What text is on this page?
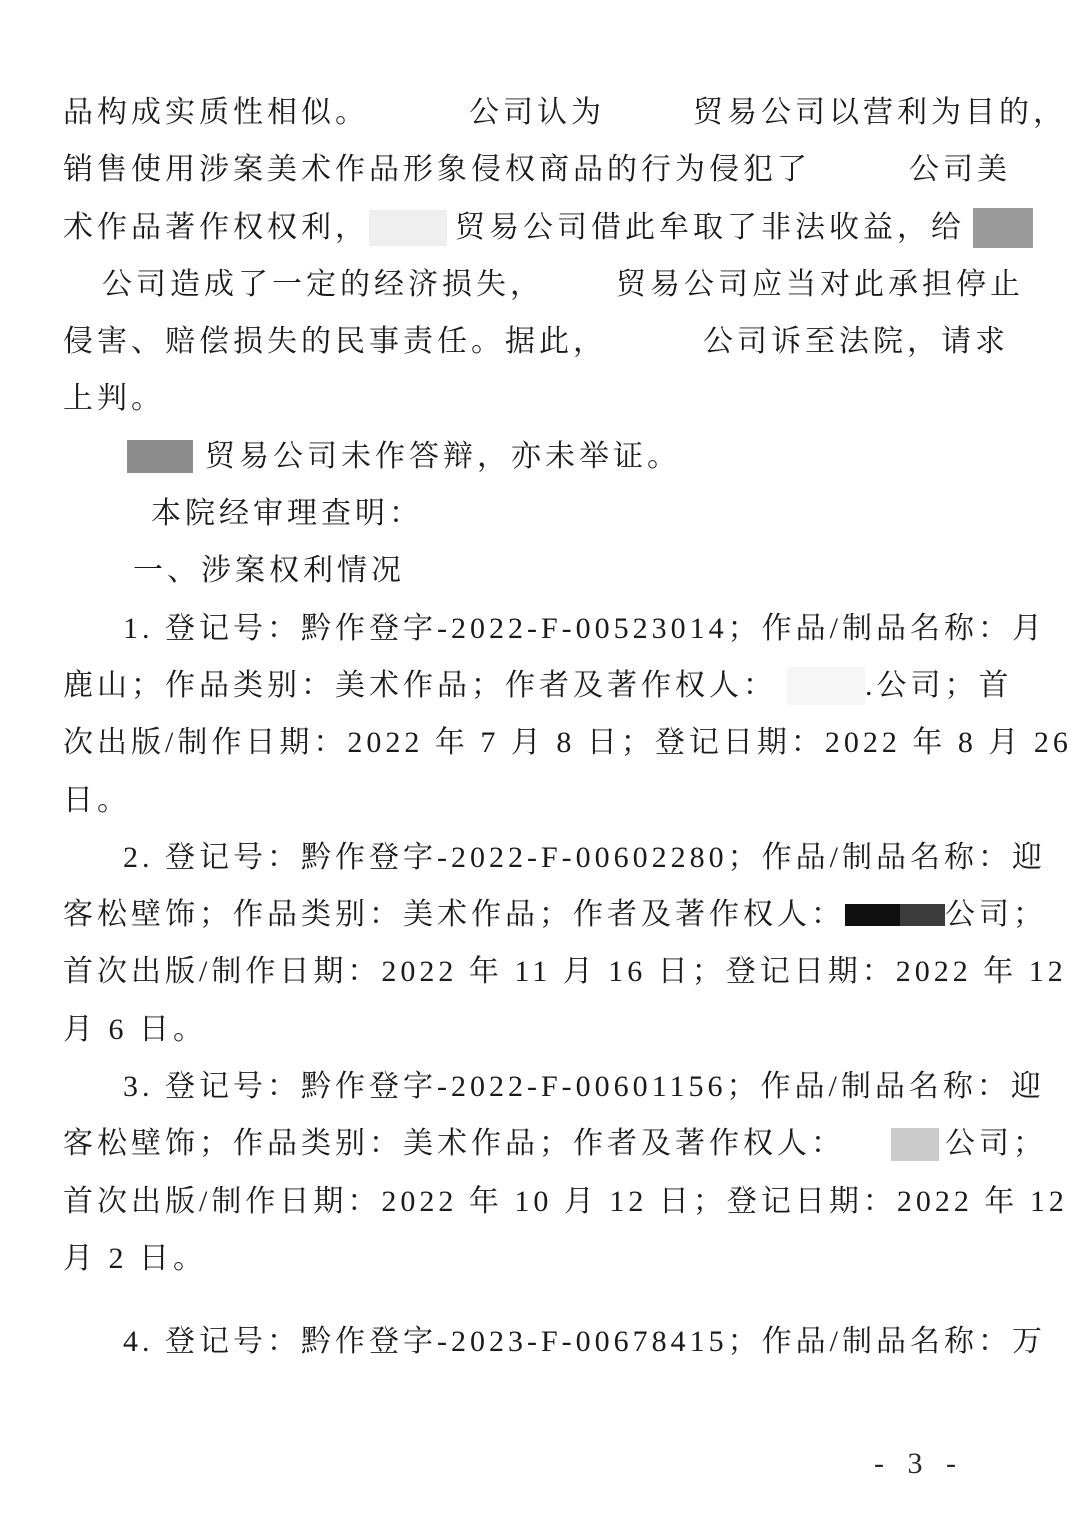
品构成实质性相似。	公司认为	贸易公司以营利为目的，
销售使用涉案美术作品形象侵权商品的行为侵犯了	公司美
术作品著作权权利，	贸易公司借此牟取了非法收益，给
公司造成了一定的经济损失， 贸易公司应当对此承担停止
侵害、赔偿损失的民事责任。据此，	公司诉至法院，请求
上判。
贸易公司未作答辩，亦未举证。
本院经审理查明：
一、涉案权利情况
1. 登记号：黔作登字-2022-F-00523014；作品/制品名称：月
鹿山；作品类别：美术作品；作者及著作权人：	.公司；首
次出版/制作日期：2022 年 7 月 8 日；登记日期：2022 年 8 月 26
日。
2. 登记号：黔作登字-2022-F-00602280；作品/制品名称：迎
客松壁饰；作品类别：美术作品；作者及著作权人：	公司；
首次出版/制作日期：2022 年 11 月 16 日；登记日期：2022 年 12
月 6 日。
3. 登记号：黔作登字-2022-F-00601156；作品/制品名称：迎
客松壁饰；作品类别：美术作品；作者及著作权人：	公司；
首次出版/制作日期：2022 年 10 月 12 日；登记日期：2022 年 12
月 2 日。
4. 登记号：黔作登字-2023-F-00678415；作品/制品名称：万
- 3 -
